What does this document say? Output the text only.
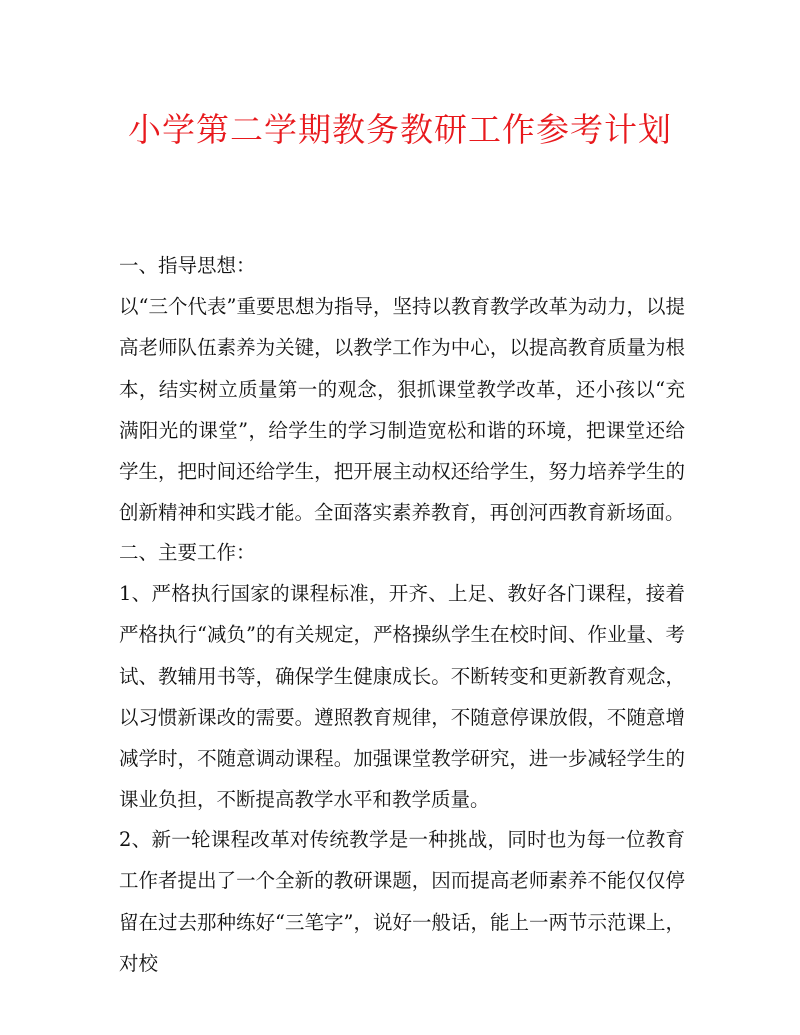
小学第二学期教务教研工作参考计划
一、指导思想：

以“三个代表”重要思想为指导，坚持以教育教学改革为动力，以提高老师队伍素养为关键，以教学工作为中心，以提高教育质量为根本，结实树立质量第一的观念，狠抓课堂教学改革，还小孩以“充满阳光的课堂”，给学生的学习制造宽松和谐的环境，把课堂还给学生，把时间还给学生，把开展主动权还给学生，努力培养学生的创新精神和实践才能。全面落实素养教育，再创河西教育新场面。

二、主要工作：

1、严格执行国家的课程标准，开齐、上足、教好各门课程，接着严格执行“减负”的有关规定，严格操纵学生在校时间、作业量、考试、教辅用书等，确保学生健康成长。不断转变和更新教育观念，以习惯新课改的需要。遵照教育规律，不随意停课放假，不随意增减学时，不随意调动课程。加强课堂教学研究，进一步减轻学生的课业负担，不断提高教学水平和教学质量。

2、新一轮课程改革对传统教学是一种挑战，同时也为每一位教育工作者提出了一个全新的教研课题，因而提高老师素养不能仅仅停留在过去那种练好“三笔字”，说好一般话，能上一两节示范课上，对校
